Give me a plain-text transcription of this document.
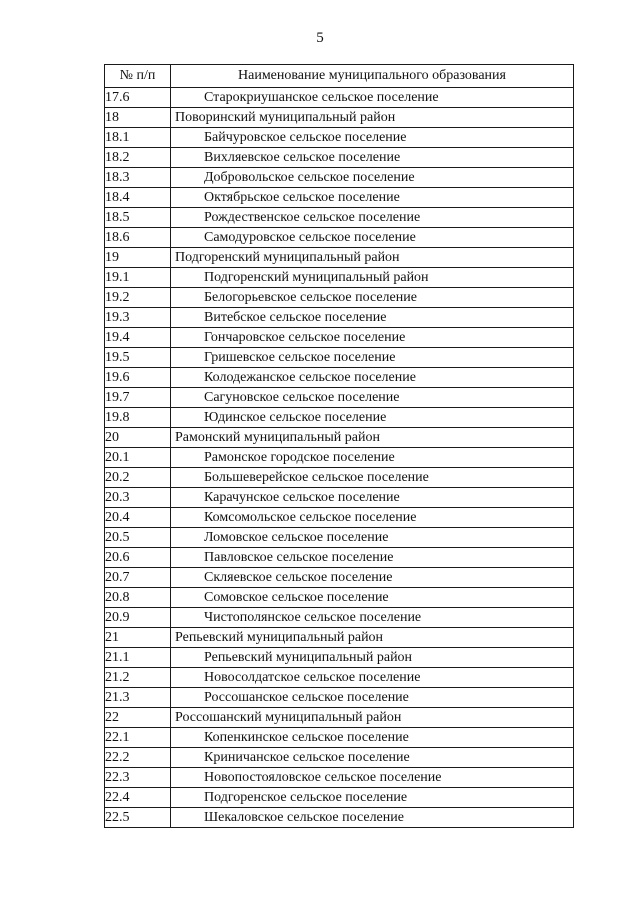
5
№ п/п	Наименование муниципального образования
17.6	Старокриушанское сельское поселение
18	Поворинский муниципальный район
18.1	Байчуровское сельское поселение
18.2	Вихляевское сельское поселение
18.3	Добровольское сельское поселение
18.4	Октябрьское сельское поселение
18.5	Рождественское сельское поселение
18.6	Самодуровское сельское поселение
19	Подгоренский муниципальный район
19.1	Подгоренский муниципальный район
19.2	Белогорьевское сельское поселение
19.3	Витебское сельское поселение
19.4	Гончаровское сельское поселение
19.5	Гришевское сельское поселение
19.6	Колодежанское сельское поселение
19.7	Сагуновское сельское поселение
19.8	Юдинское сельское поселение
20	Рамонский муниципальный район
20.1	Рамонское городское поселение
20.2	Большеверейское сельское поселение
20.3	Карачунское сельское поселение
20.4	Комсомольское сельское поселение
20.5	Ломовское сельское поселение
20.6	Павловское сельское поселение
20.7	Скляевское сельское поселение
20.8	Сомовское сельское поселение
20.9	Чистополянское сельское поселение
21	Репьевский муниципальный район
21.1	Репьевский муниципальный район
21.2	Новосолдатское сельское поселение
21.3	Россошанское сельское поселение
22	Россошанский муниципальный район
22.1	Копенкинское сельское поселение
22.2	Криничанское сельское поселение
22.3	Новопостояловское сельское поселение
22.4	Подгоренское сельское поселение
22.5	Шекаловское сельское поселение
